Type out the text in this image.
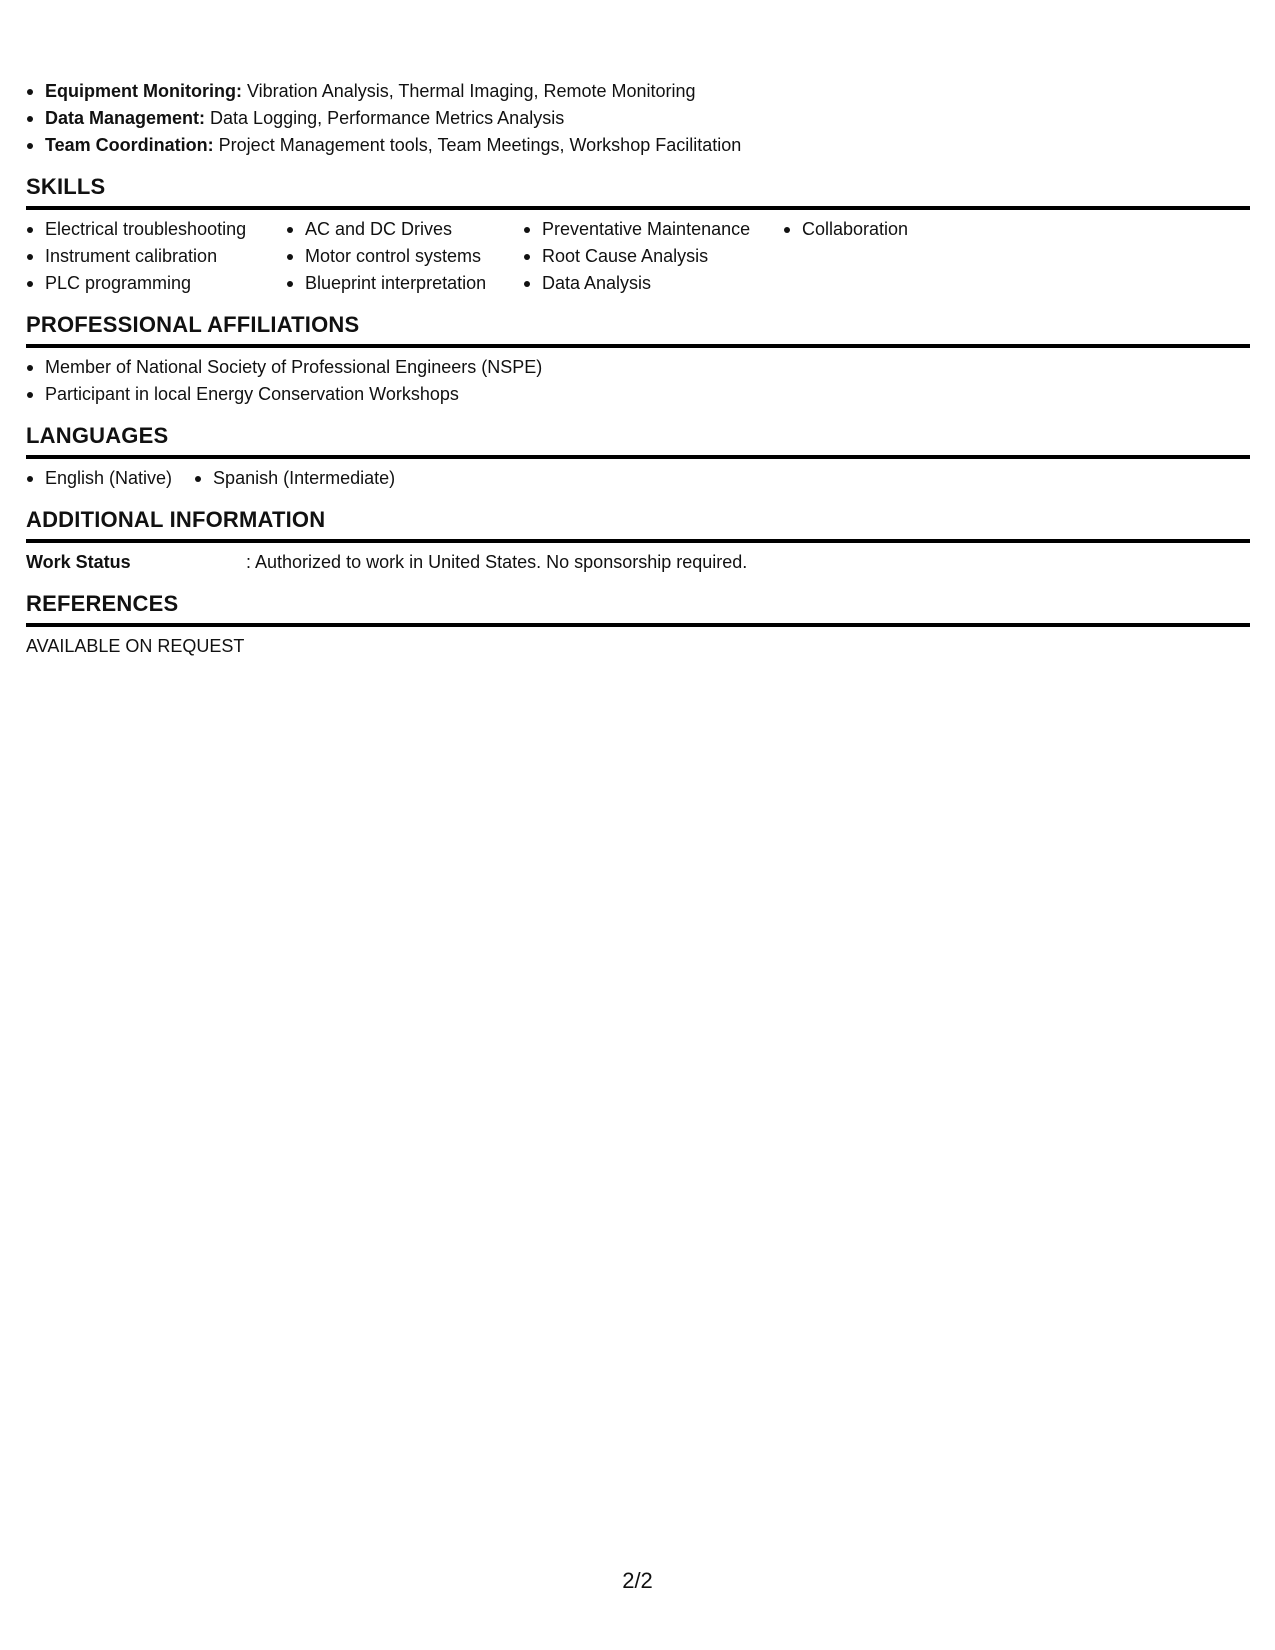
Equipment Monitoring: Vibration Analysis, Thermal Imaging, Remote Monitoring
Data Management: Data Logging, Performance Metrics Analysis
Team Coordination: Project Management tools, Team Meetings, Workshop Facilitation
SKILLS
Electrical troubleshooting
Instrument calibration
PLC programming
AC and DC Drives
Motor control systems
Blueprint interpretation
Preventative Maintenance
Root Cause Analysis
Data Analysis
Collaboration
PROFESSIONAL AFFILIATIONS
Member of National Society of Professional Engineers (NSPE)
Participant in local Energy Conservation Workshops
LANGUAGES
English (Native)	Spanish (Intermediate)
ADDITIONAL INFORMATION
Work Status	: Authorized to work in United States. No sponsorship required.
REFERENCES
AVAILABLE ON REQUEST
2/2
